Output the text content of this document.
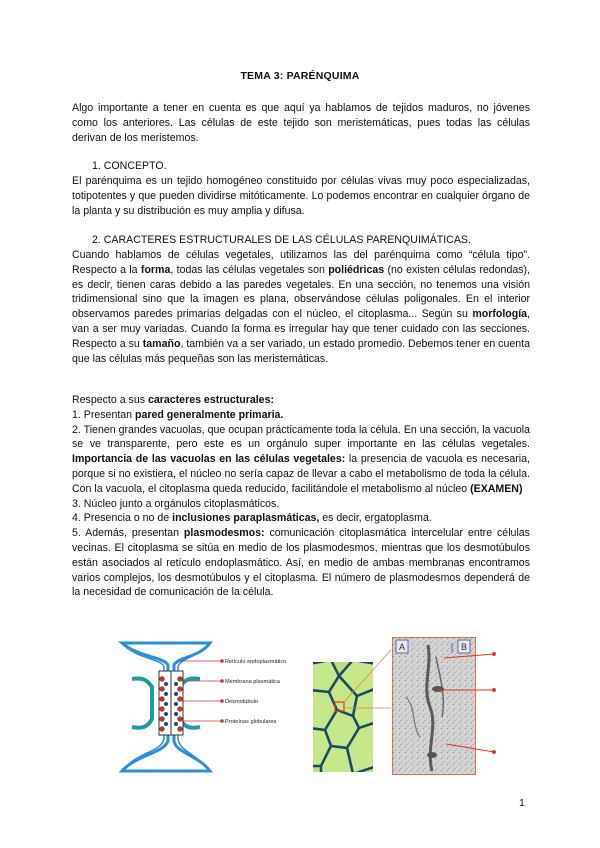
TEMA 3: PARÉNQUIMA
Algo importante a tener en cuenta es que aquí ya hablamos de tejidos maduros, no jóvenes como los anteriores. Las células de este tejido son meristemáticas, pues todas las células derivan de los meristemos.
1. CONCEPTO.
El parénquima es un tejido homogéneo constituido por células vivas muy poco especializadas, totipotentes y que pueden dividirse mitóticamente. Lo podemos encontrar en cualquier órgano de la planta y su distribución es muy amplia y difusa.
2. CARACTERES ESTRUCTURALES DE LAS CÉLULAS PARENQUIMÁTICAS.
Cuando hablamos de células vegetales, utilizamos las del parénquima como “célula tipo”. Respecto a la forma, todas las células vegetales son poliédricas (no existen células redondas), es decir, tienen caras debido a las paredes vegetales. En una sección, no tenemos una visión tridimensional sino que la imagen es plana, observándose células poligonales. En el interior observamos paredes primarias delgadas con el núcleo, el citoplasma... Según su morfología, van a ser muy variadas. Cuando la forma es irregular hay que tener cuidado con las secciones. Respecto a su tamaño, también va a ser variado, un estado promedio. Debemos tener en cuenta que las células más pequeñas son las meristemáticas.
Respecto a sus caracteres estructurales:
1. Presentan pared generalmente primaria.
2. Tienen grandes vacuolas, que ocupan prácticamente toda la célula. En una sección, la vacuola se ve transparente, pero este es un orgánulo super importante en las células vegetales. Importancia de las vacuolas en las células vegetales: la presencia de vacuola es necesaria, porque si no existiera, el núcleo no sería capaz de llevar a cabo el metabolismo de toda la célula. Con la vacuola, el citoplasma queda reducido, facilitándole el metabolismo al núcleo (EXAMEN)
3. Núcleo junto a orgánulos citoplasmáticos.
4. Presencia o no de inclusiones paraplasmáticas, es decir, ergatoplasma.
5. Además, presentan plasmodesmos: comunicación citoplasmática intercelular entre células vecinas. El citoplasma se sitúa en medio de los plasmodesmos, mientras que los desmotúbulos están asociados al retículo endoplasmático. Así, en medio de ambas membranas encontramos varios complejos, los desmotúbulos y el citoplasma. El número de plasmodesmos dependerá de la necesidad de comunicación de la célula.
Retículo endoplasmático
Membrana plasmática
Desmotúbulo
Proteínas globulares
A	B
1
